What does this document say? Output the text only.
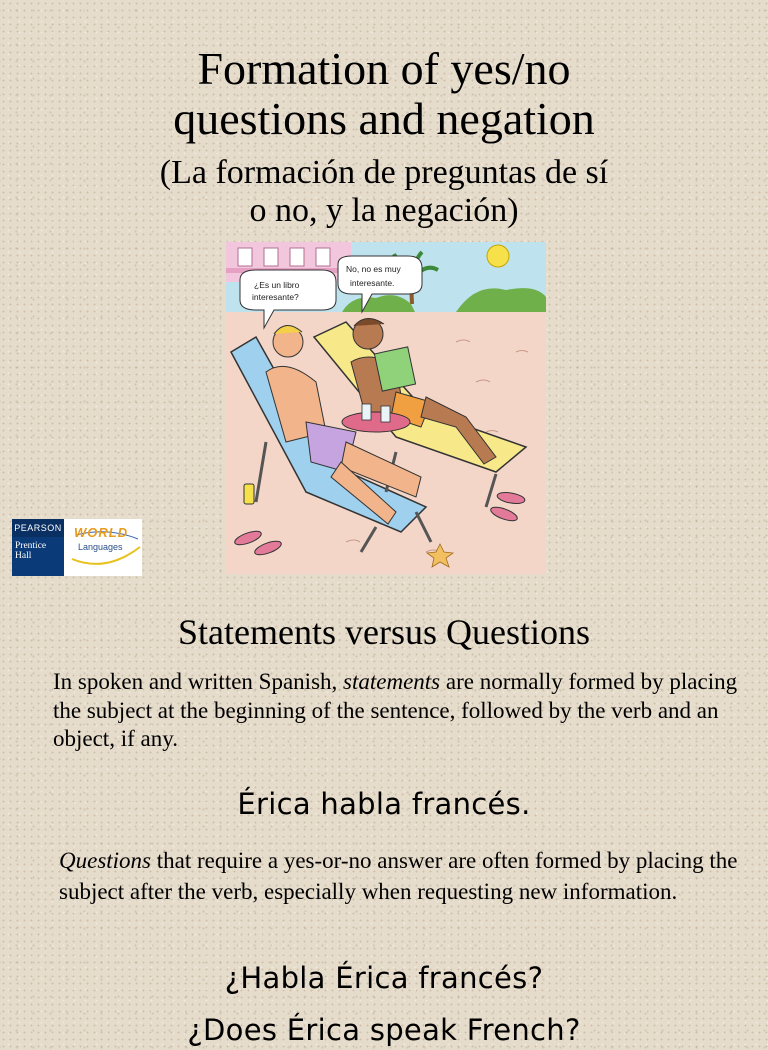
Formation of yes/no
questions and negation
(La formación de preguntas de sí
o no, y la negación)
¿Es un libro
interesante?
No, no es muy
interesante.
PEARSON
Prentice
Hall
WORLD
Languages
Statements versus Questions
In spoken and written Spanish, statements are normally formed by placing the subject at the beginning of the sentence, followed by the verb and an object, if any.
Érica habla francés.
Questions that require a yes-or-no answer are often formed by placing the subject after the verb, especially when requesting new information.
¿Habla Érica francés?
¿Does Érica speak French?
